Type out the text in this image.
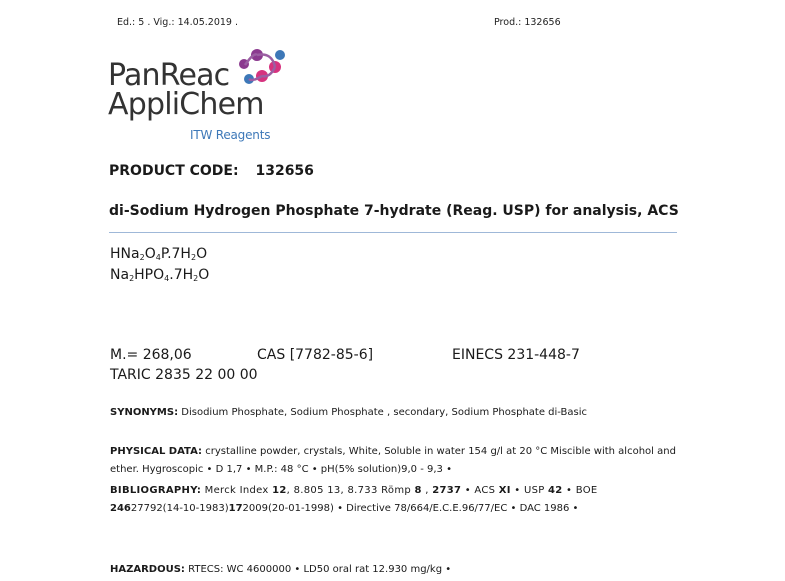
Ed.: 5 . Vig.: 14.05.2019 .	Prod.: 132656
PanReac
AppliChem
ITW Reagents
PRODUCT CODE: 132656
di-Sodium Hydrogen Phosphate 7-hydrate (Reag. USP) for analysis, ACS
$HNa_2O_4P.7H_2O$
$Na_2HPO_4.7H_2O$
M.= 268,06	CAS [7782-85-6]	EINECS 231-448-7
TARIC 2835 22 00 00
SYNONYMS: Disodium Phosphate, Sodium Phosphate , secondary, Sodium Phosphate di-Basic
PHYSICAL DATA: crystalline powder, crystals, White, Soluble in water 154 g/l at 20 °C Miscible with alcohol and
ether. Hygroscopic • D 1,7 • M.P.: 48 °C • pH(5% solution)9,0 - 9,3 •
BIBLIOGRAPHY: Merck Index 12, 8.805 13, 8.733 Römp 8 , 2737 • ACS XI • USP 42 • BOE
24627792(14-10-1983)172009(20-01-1998) • Directive 78/664/E.C.E.96/77/EC • DAC 1986 •
HAZARDOUS: RTECS: WC 4600000 • LD50 oral rat 12.930 mg/kg •
